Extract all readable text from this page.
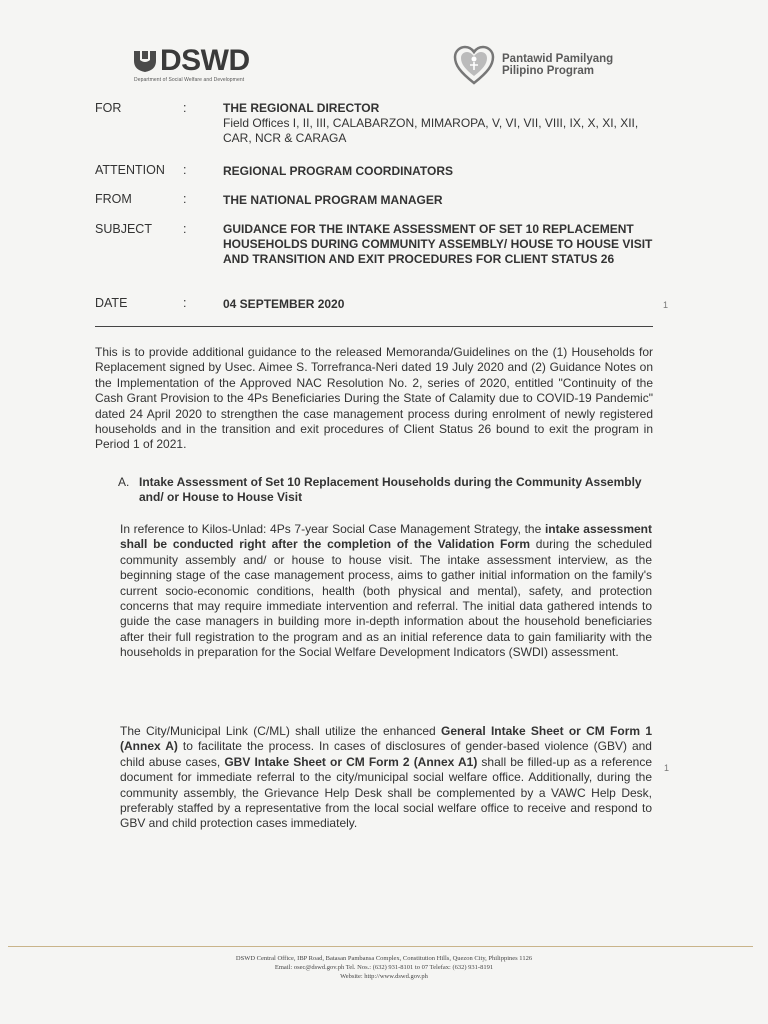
DSWD
Department of Social Welfare and Development
Pantawid Pamilyang
Pilipino Program
FOR	:	THE REGIONAL DIRECTOR
Field Offices I, II, III, CALABARZON, MIMAROPA, V, VI, VII, VIII, IX, X, XI, XII, CAR, NCR & CARAGA
ATTENTION :	REGIONAL PROGRAM COORDINATORS
FROM	:	THE NATIONAL PROGRAM MANAGER
SUBJECT :	GUIDANCE FOR THE INTAKE ASSESSMENT OF SET 10 REPLACEMENT HOUSEHOLDS DURING COMMUNITY ASSEMBLY/ HOUSE TO HOUSE VISIT AND TRANSITION AND EXIT PROCEDURES FOR CLIENT STATUS 26
DATE	:	04 SEPTEMBER 2020
This is to provide additional guidance to the released Memoranda/Guidelines on the (1) Households for Replacement signed by Usec. Aimee S. Torrefranca-Neri dated 19 July 2020 and (2) Guidance Notes on the Implementation of the Approved NAC Resolution No. 2, series of 2020, entitled "Continuity of the Cash Grant Provision to the 4Ps Beneficiaries During the State of Calamity due to COVID-19 Pandemic" dated 24 April 2020 to strengthen the case management process during enrolment of newly registered households and in the transition and exit procedures of Client Status 26 bound to exit the program in Period 1 of 2021.
A. Intake Assessment of Set 10 Replacement Households during the Community Assembly and/ or House to House Visit
In reference to Kilos-Unlad: 4Ps 7-year Social Case Management Strategy, the intake assessment shall be conducted right after the completion of the Validation Form during the scheduled community assembly and/ or house to house visit. The intake assessment interview, as the beginning stage of the case management process, aims to gather initial information on the family's current socio-economic conditions, health (both physical and mental), safety, and protection concerns that may require immediate intervention and referral. The initial data gathered intends to guide the case managers in building more in-depth information about the household beneficiaries after their full registration to the program and as an initial reference data to gain familiarity with the households in preparation for the Social Welfare Development Indicators (SWDI) assessment.
The City/Municipal Link (C/ML) shall utilize the enhanced General Intake Sheet or CM Form 1 (Annex A) to facilitate the process. In cases of disclosures of gender-based violence (GBV) and child abuse cases, GBV Intake Sheet or CM Form 2 (Annex A1) shall be filled-up as a reference document for immediate referral to the city/municipal social welfare office. Additionally, during the community assembly, the Grievance Help Desk shall be complemented by a VAWC Help Desk, preferably staffed by a representative from the local social welfare office to receive and respond to GBV and child protection cases immediately.
1
1
DSWD Central Office, IBP Road, Batasan Pambansa Complex, Constitution Hills, Quezon City, Philippines 1126
Email: osec@dswd.gov.ph Tel. Nos.: (632) 931-8101 to 07 Telefax: (632) 931-8191
Website: http://www.dswd.gov.ph
